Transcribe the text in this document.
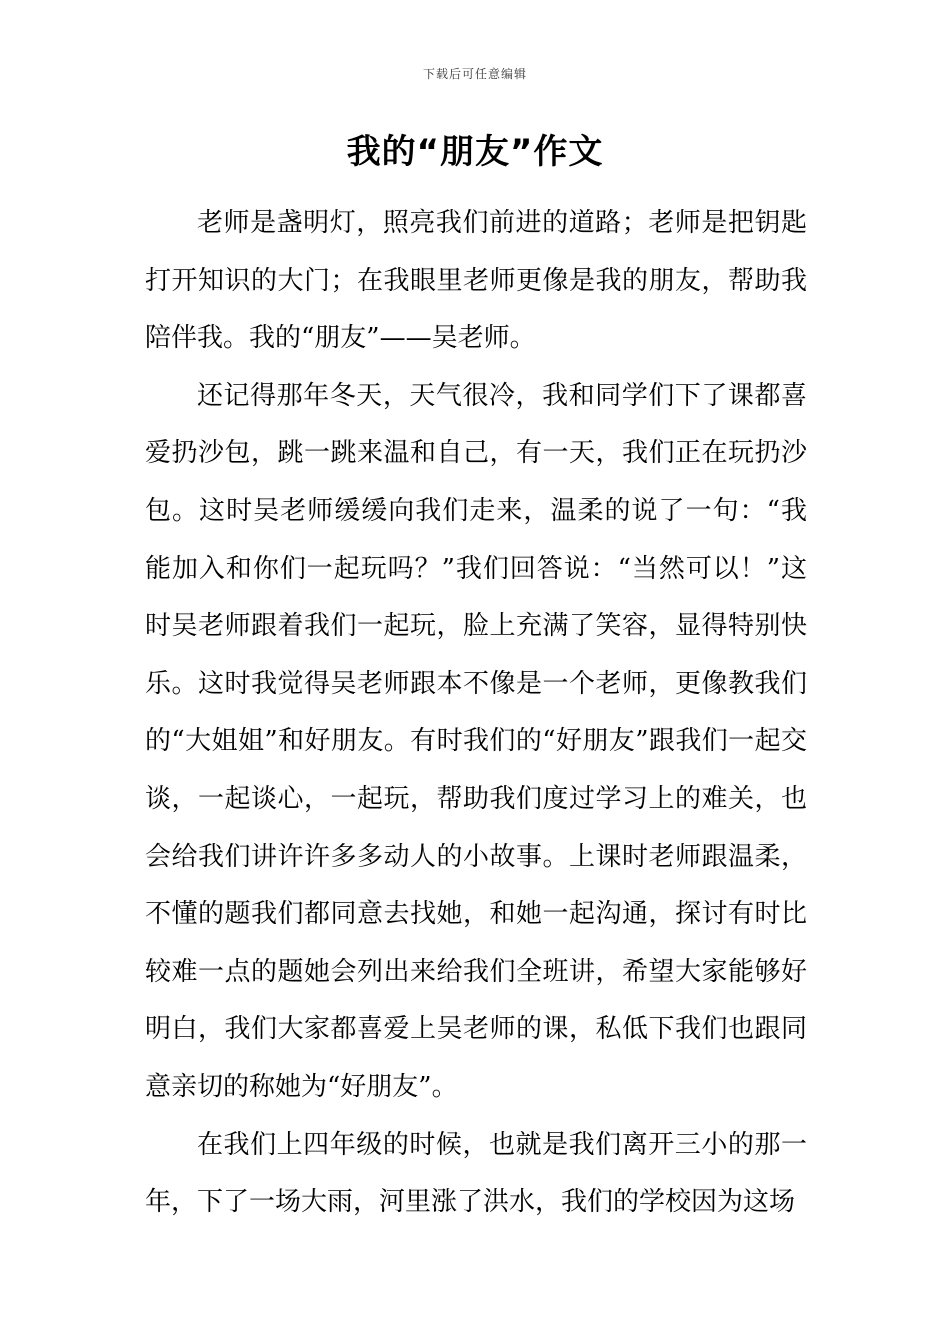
下载后可任意编辑
我的“朋友”作文

老师是盏明灯，照亮我们前进的道路；老师是把钥匙打开知识的大门；在我眼里老师更像是我的朋友，帮助我陪伴我。我的“朋友”——吴老师。

还记得那年冬天，天气很冷，我和同学们下了课都喜爱扔沙包，跳一跳来温和自己，有一天，我们正在玩扔沙包。这时吴老师缓缓向我们走来，温柔的说了一句：“我能加入和你们一起玩吗？”我们回答说：“当然可以！”这时吴老师跟着我们一起玩，脸上充满了笑容，显得特别快乐。这时我觉得吴老师跟本不像是一个老师，更像教我们的“大姐姐”和好朋友。有时我们的“好朋友”跟我们一起交谈，一起谈心，一起玩，帮助我们度过学习上的难关，也会给我们讲许许多多动人的小故事。上课时老师跟温柔，不懂的题我们都同意去找她，和她一起沟通，探讨有时比较难一点的题她会列出来给我们全班讲，希望大家能够好明白，我们大家都喜爱上吴老师的课，私低下我们也跟同意亲切的称她为“好朋友”。

在我们上四年级的时候，也就是我们离开三小的那一年，下了一场大雨，河里涨了洪水，我们的学校因为这场
